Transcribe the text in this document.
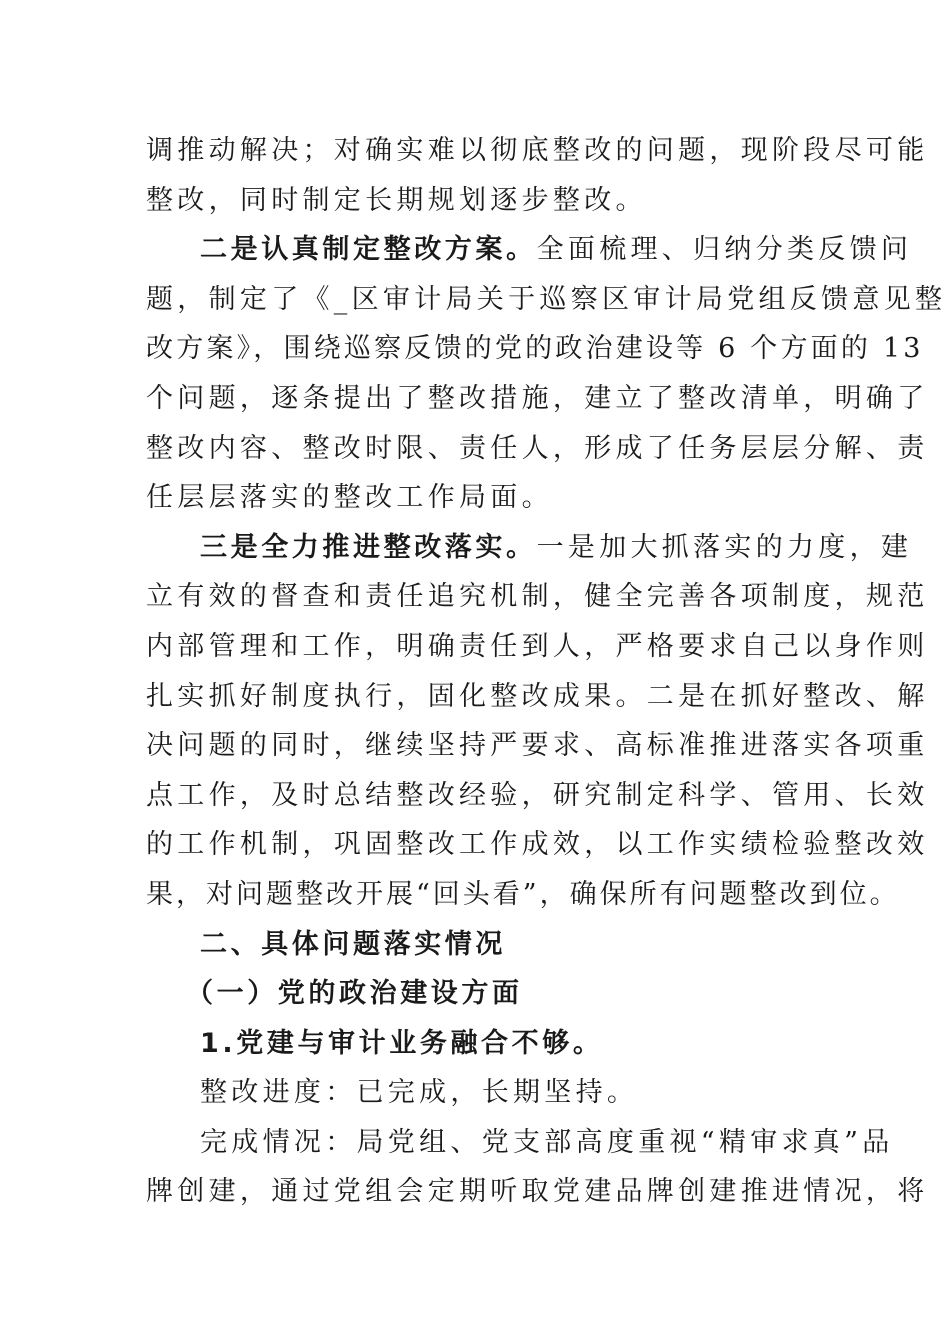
调推动解决；对确实难以彻底整改的问题，现阶段尽可能
整改，同时制定长期规划逐步整改。
二是认真制定整改方案。全面梳理、归纳分类反馈问
题，制定了《_区审计局关于巡察区审计局党组反馈意见整
改方案》，围绕巡察反馈的党的政治建设等 6 个方面的 13
个问题，逐条提出了整改措施，建立了整改清单，明确了
整改内容、整改时限、责任人，形成了任务层层分解、责
任层层落实的整改工作局面。
三是全力推进整改落实。一是加大抓落实的力度，建
立有效的督查和责任追究机制，健全完善各项制度，规范
内部管理和工作，明确责任到人，严格要求自己以身作则
扎实抓好制度执行，固化整改成果。二是在抓好整改、解
决问题的同时，继续坚持严要求、高标准推进落实各项重
点工作，及时总结整改经验，研究制定科学、管用、长效
的工作机制，巩固整改工作成效，以工作实绩检验整改效
果，对问题整改开展“回头看”，确保所有问题整改到位。
二、具体问题落实情况
（一）党的政治建设方面
1.党建与审计业务融合不够。
整改进度：已完成，长期坚持。
完成情况：局党组、党支部高度重视“精审求真”品
牌创建，通过党组会定期听取党建品牌创建推进情况，将
